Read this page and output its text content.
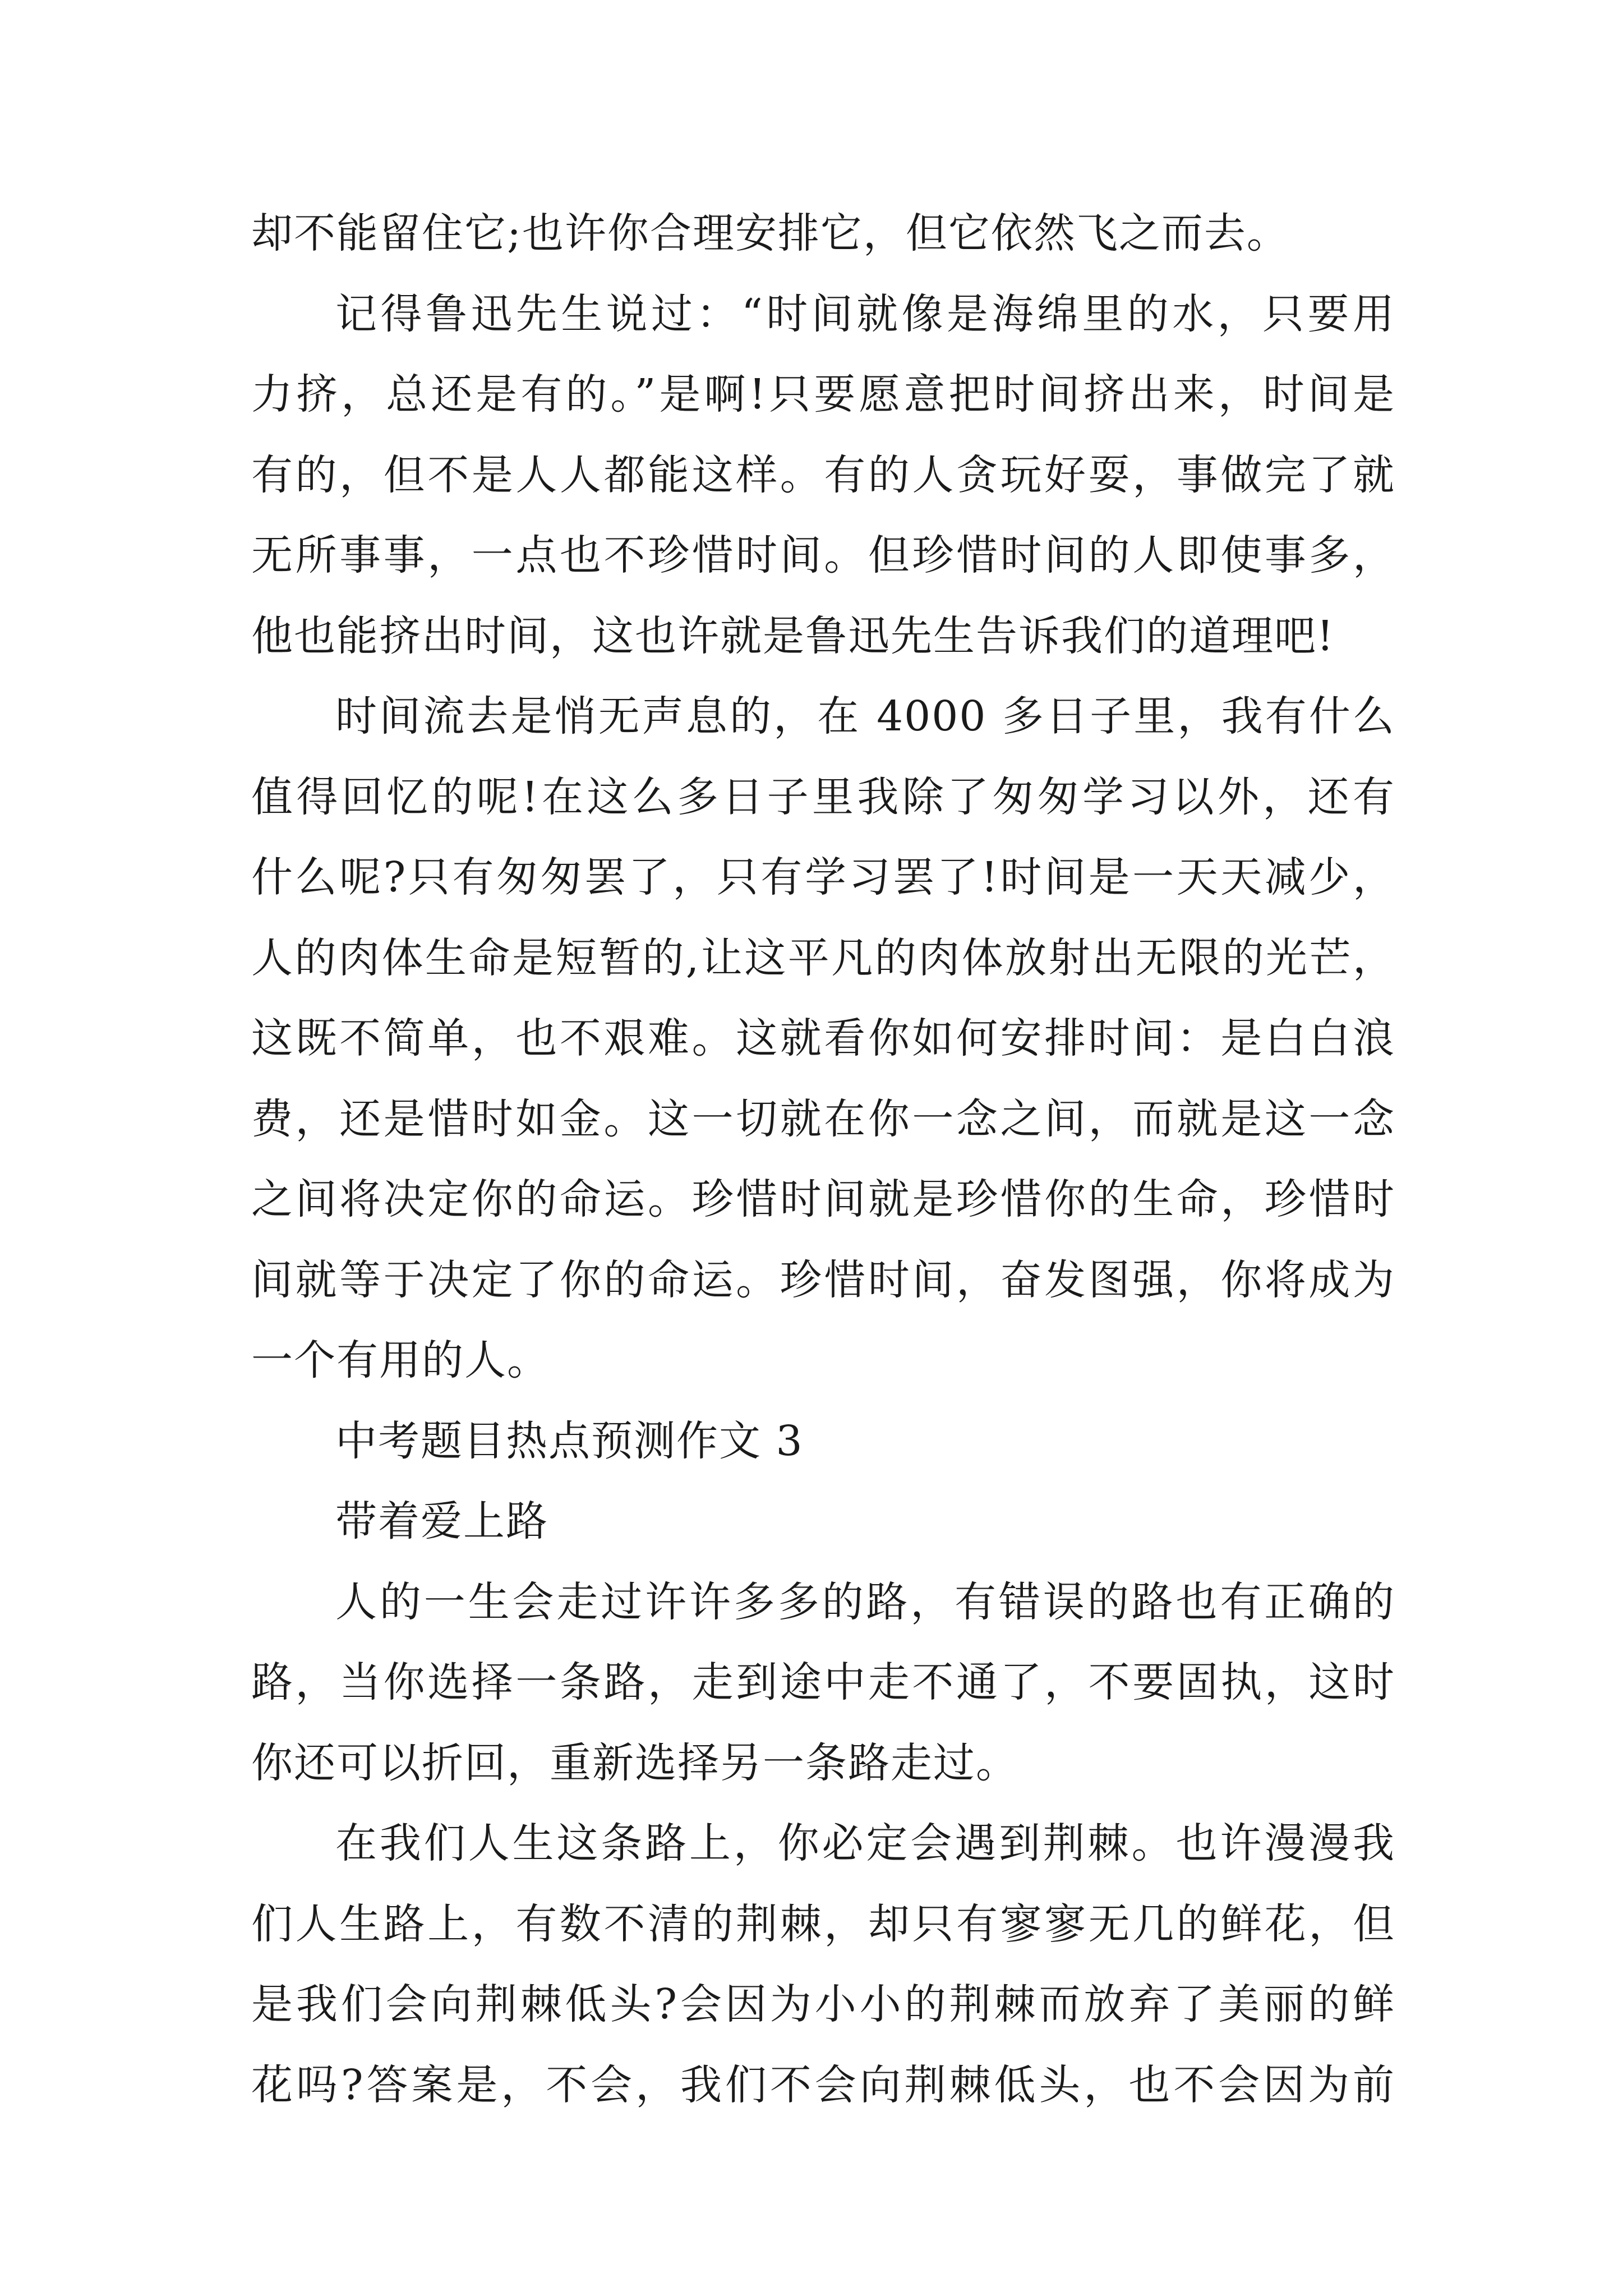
却不能留住它;也许你合理安排它，但它依然飞之而去。
记得鲁迅先生说过：“时间就像是海绵里的水，只要用
力挤，总还是有的。”是啊!只要愿意把时间挤出来，时间是
有的，但不是人人都能这样。有的人贪玩好耍，事做完了就
无所事事，一点也不珍惜时间。但珍惜时间的人即使事多，
他也能挤出时间，这也许就是鲁迅先生告诉我们的道理吧!
时间流去是悄无声息的，在 4000 多日子里，我有什么
值得回忆的呢!在这么多日子里我除了匆匆学习以外，还有
什么呢?只有匆匆罢了，只有学习罢了!时间是一天天减少，
人的肉体生命是短暂的,让这平凡的肉体放射出无限的光芒，
这既不简单，也不艰难。这就看你如何安排时间：是白白浪
费，还是惜时如金。这一切就在你一念之间，而就是这一念
之间将决定你的命运。珍惜时间就是珍惜你的生命，珍惜时
间就等于决定了你的命运。珍惜时间，奋发图强，你将成为
一个有用的人。
中考题目热点预测作文 3
带着爱上路
人的一生会走过许许多多的路，有错误的路也有正确的
路，当你选择一条路，走到途中走不通了，不要固执，这时
你还可以折回，重新选择另一条路走过。
在我们人生这条路上，你必定会遇到荆棘。也许漫漫我
们人生路上，有数不清的荆棘，却只有寥寥无几的鲜花，但
是我们会向荆棘低头?会因为小小的荆棘而放弃了美丽的鲜
花吗?答案是，不会，我们不会向荆棘低头，也不会因为前
